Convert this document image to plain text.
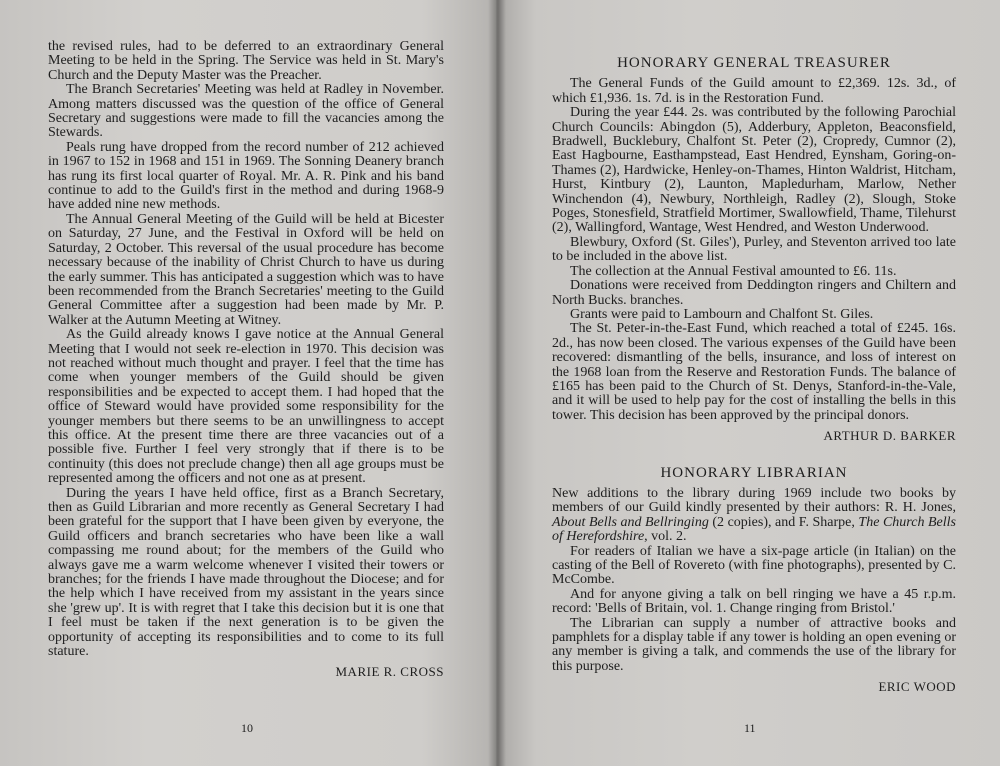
the revised rules, had to be deferred to an extraordinary General Meeting to be held in the Spring. The Service was held in St. Mary's Church and the Deputy Master was the Preacher.

The Branch Secretaries' Meeting was held at Radley in November. Among matters discussed was the question of the office of General Secretary and suggestions were made to fill the vacancies among the Stewards.

Peals rung have dropped from the record number of 212 achieved in 1967 to 152 in 1968 and 151 in 1969. The Sonning Deanery branch has rung its first local quarter of Royal. Mr. A. R. Pink and his band continue to add to the Guild's first in the method and during 1968-9 have added nine new methods.

The Annual General Meeting of the Guild will be held at Bicester on Saturday, 27 June, and the Festival in Oxford will be held on Saturday, 2 October. This reversal of the usual procedure has become necessary because of the inability of Christ Church to have us during the early summer. This has anticipated a suggestion which was to have been recommended from the Branch Secretaries' meeting to the Guild General Committee after a suggestion had been made by Mr. P. Walker at the Autumn Meeting at Witney.

As the Guild already knows I gave notice at the Annual General Meeting that I would not seek re-election in 1970. This decision was not reached without much thought and prayer. I feel that the time has come when younger members of the Guild should be given responsibilities and be expected to accept them. I had hoped that the office of Steward would have provided some responsibility for the younger members but there seems to be an unwillingness to accept this office. At the present time there are three vacancies out of a possible five. Further I feel very strongly that if there is to be continuity (this does not preclude change) then all age groups must be represented among the officers and not one as at present.

During the years I have held office, first as a Branch Secretary, then as Guild Librarian and more recently as General Secretary I had been grateful for the support that I have been given by everyone, the Guild officers and branch secretaries who have been like a wall compassing me round about; for the members of the Guild who always gave me a warm welcome whenever I visited their towers or branches; for the friends I have made throughout the Diocese; and for the help which I have received from my assistant in the years since she 'grew up'. It is with regret that I take this decision but it is one that I feel must be taken if the next generation is to be given the opportunity of accepting its responsibilities and to come to its full stature.

MARIE R. CROSS
10
HONORARY GENERAL TREASURER

The General Funds of the Guild amount to £2,369. 12s. 3d., of which £1,936. 1s. 7d. is in the Restoration Fund.

During the year £44. 2s. was contributed by the following Parochial Church Councils: Abingdon (5), Adderbury, Appleton, Beaconsfield, Bradwell, Bucklebury, Chalfont St. Peter (2), Cropredy, Cumnor (2), East Hagbourne, Easthampstead, East Hendred, Eynsham, Goring-on-Thames (2), Hardwicke, Henley-on-Thames, Hinton Waldrist, Hitcham, Hurst, Kintbury (2), Launton, Mapledurham, Marlow, Nether Winchendon (4), Newbury, Northleigh, Radley (2), Slough, Stoke Poges, Stonesfield, Stratfield Mortimer, Swallowfield, Thame, Tilehurst (2), Wallingford, Wantage, West Hendred, and Weston Underwood.

Blewbury, Oxford (St. Giles'), Purley, and Steventon arrived too late to be included in the above list.

The collection at the Annual Festival amounted to £6. 11s.

Donations were received from Deddington ringers and Chiltern and North Bucks. branches.

Grants were paid to Lambourn and Chalfont St. Giles.

The St. Peter-in-the-East Fund, which reached a total of £245. 16s. 2d., has now been closed. The various expenses of the Guild have been recovered: dismantling of the bells, insurance, and loss of interest on the 1968 loan from the Reserve and Restoration Funds. The balance of £165 has been paid to the Church of St. Denys, Stanford-in-the-Vale, and it will be used to help pay for the cost of installing the bells in this tower. This decision has been approved by the principal donors.

ARTHUR D. BARKER
HONORARY LIBRARIAN

New additions to the library during 1969 include two books by members of our Guild kindly presented by their authors: R. H. Jones, About Bells and Bellringing (2 copies), and F. Sharpe, The Church Bells of Herefordshire, vol. 2.

For readers of Italian we have a six-page article (in Italian) on the casting of the Bell of Rovereto (with fine photographs), presented by C. McCombe.

And for anyone giving a talk on bell ringing we have a 45 r.p.m. record: 'Bells of Britain, vol. 1. Change ringing from Bristol.'

The Librarian can supply a number of attractive books and pamphlets for a display table if any tower is holding an open evening or any member is giving a talk, and commends the use of the library for this purpose.

ERIC WOOD
11
